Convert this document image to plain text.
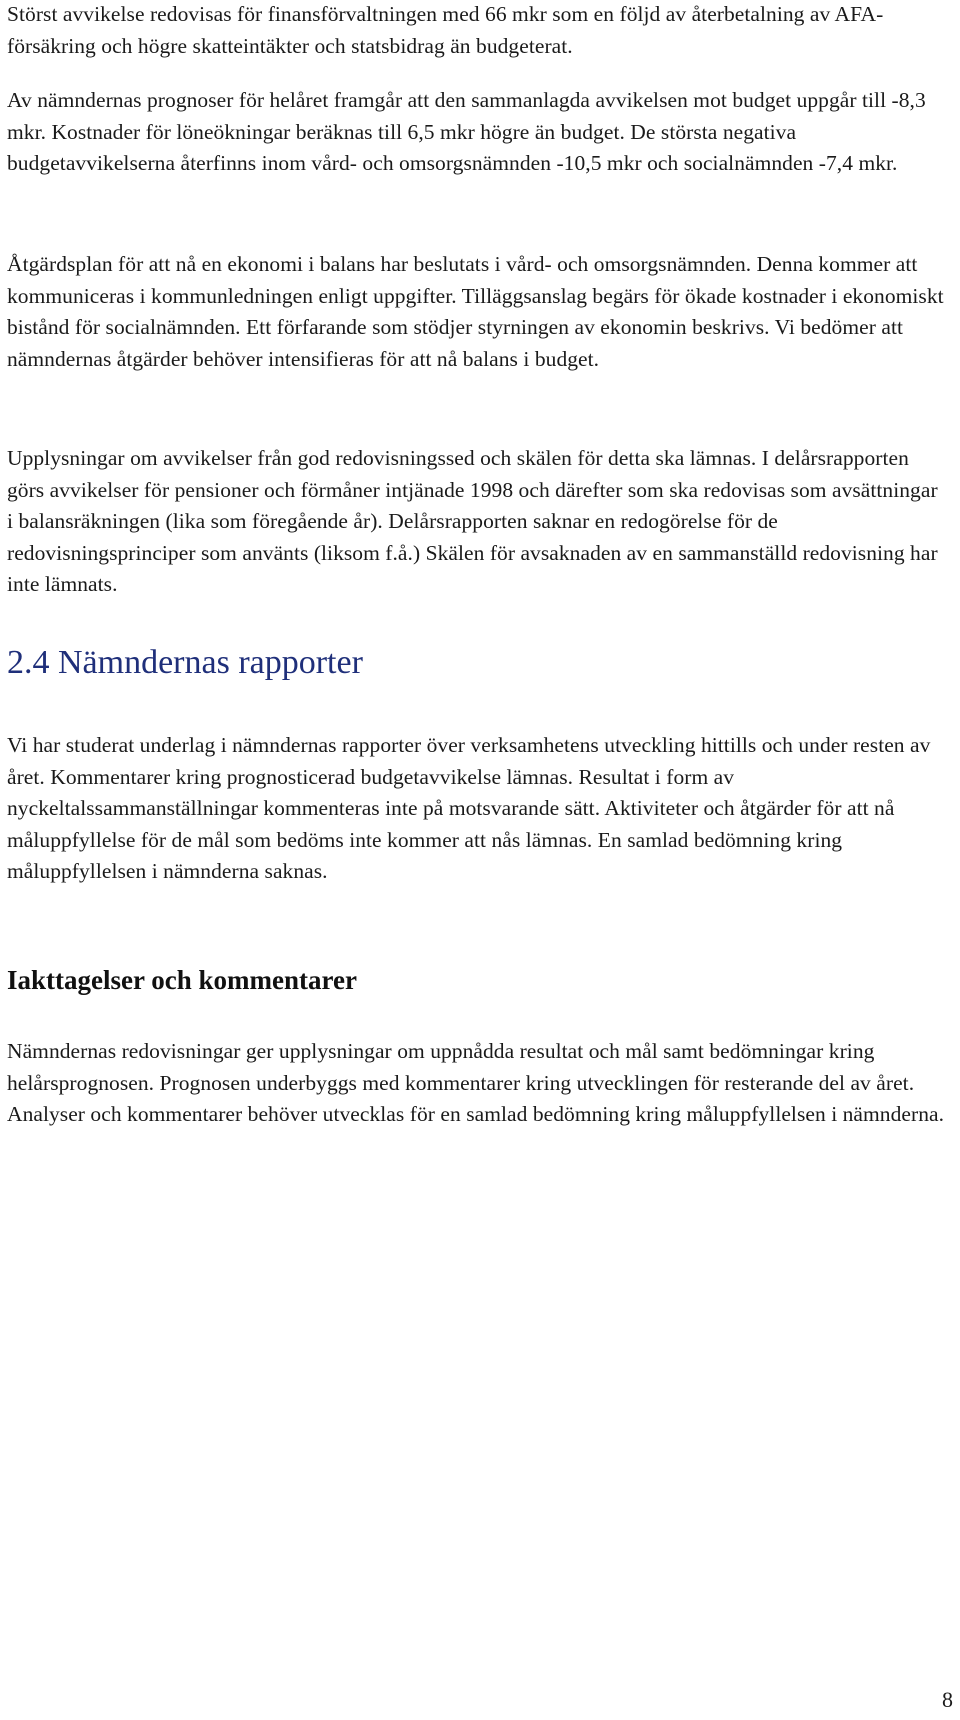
Störst avvikelse redovisas för finansförvaltningen med 66 mkr som en följd av återbetalning av AFA-försäkring och högre skatteintäkter och statsbidrag än budgeterat.

Av nämndernas prognoser för helåret framgår att den sammanlagda avvikelsen mot budget uppgår till -8,3 mkr. Kostnader för löneökningar beräknas till 6,5 mkr högre än budget. De största negativa budgetavvikelserna återfinns inom vård- och omsorgsnämnden -10,5 mkr och socialnämnden -7,4 mkr.

Åtgärdsplan för att nå en ekonomi i balans har beslutats i vård- och omsorgsnämnden. Denna kommer att kommuniceras i kommunledningen enligt uppgifter. Tilläggsanslag begärs för ökade kostnader i ekonomiskt bistånd för socialnämnden. Ett förfarande som stödjer styrningen av ekonomin beskrivs. Vi bedömer att nämndernas åtgärder behöver intensifieras för att nå balans i budget.

Upplysningar om avvikelser från god redovisningssed och skälen för detta ska lämnas. I delårsrapporten görs avvikelser för pensioner och förmåner intjänade 1998 och därefter som ska redovisas som avsättningar i balansräkningen (lika som föregående år). Delårsrapporten saknar en redogörelse för de redovisningsprinciper som använts (liksom f.å.) Skälen för avsaknaden av en sammanställd redovisning har inte lämnats.

2.4 Nämndernas rapporter

Vi har studerat underlag i nämndernas rapporter över verksamhetens utveckling hittills och under resten av året. Kommentarer kring prognosticerad budgetavvikelse lämnas. Resultat i form av nyckeltalssammanställningar kommenteras inte på motsvarande sätt. Aktiviteter och åtgärder för att nå måluppfyllelse för de mål som bedöms inte kommer att nås lämnas. En samlad bedömning kring måluppfyllelsen i nämnderna saknas.

Iakttagelser och kommentarer

Nämndernas redovisningar ger upplysningar om uppnådda resultat och mål samt bedömningar kring helårsprognosen. Prognosen underbyggs med kommentarer kring utvecklingen för resterande del av året. Analyser och kommentarer behöver utvecklas för en samlad bedömning kring måluppfyllelsen i nämnderna.

8
